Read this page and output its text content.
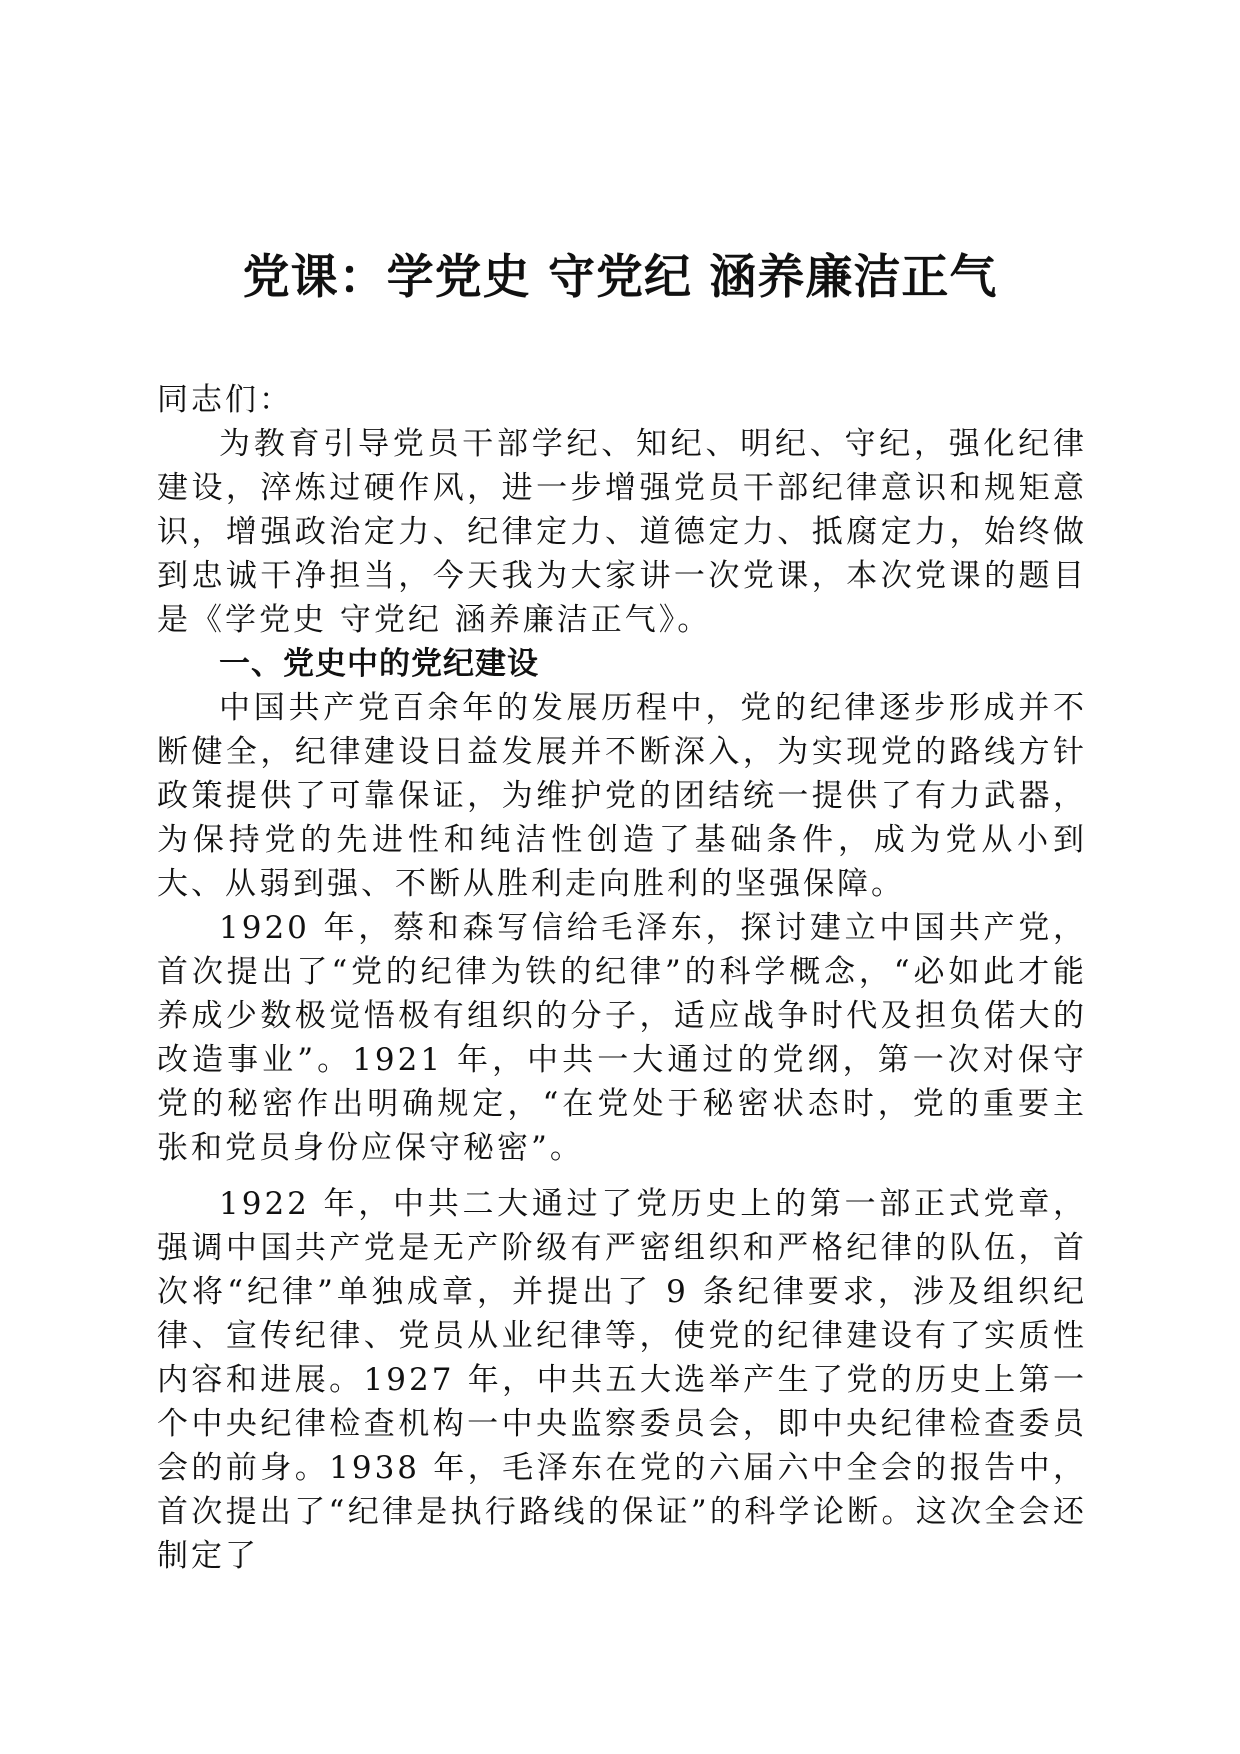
党课：学党史 守党纪 涵养廉洁正气

同志们：

为教育引导党员干部学纪、知纪、明纪、守纪，强化纪律建设，淬炼过硬作风，进一步增强党员干部纪律意识和规矩意识，增强政治定力、纪律定力、道德定力、抵腐定力，始终做到忠诚干净担当，今天我为大家讲一次党课，本次党课的题目是《学党史 守党纪 涵养廉洁正气》。

一、党史中的党纪建设

中国共产党百余年的发展历程中，党的纪律逐步形成并不断健全，纪律建设日益发展并不断深入，为实现党的路线方针政策提供了可靠保证，为维护党的团结统一提供了有力武器，为保持党的先进性和纯洁性创造了基础条件，成为党从小到大、从弱到强、不断从胜利走向胜利的坚强保障。

1920 年，蔡和森写信给毛泽东，探讨建立中国共产党，首次提出了“党的纪律为铁的纪律”的科学概念，“必如此才能养成少数极觉悟极有组织的分子，适应战争时代及担负偌大的改造事业”。1921 年，中共一大通过的党纲，第一次对保守党的秘密作出明确规定，“在党处于秘密状态时，党的重要主张和党员身份应保守秘密”。

1922 年，中共二大通过了党历史上的第一部正式党章，强调中国共产党是无产阶级有严密组织和严格纪律的队伍，首次将“纪律”单独成章，并提出了 9 条纪律要求，涉及组织纪律、宣传纪律、党员从业纪律等，使党的纪律建设有了实质性内容和进展。1927 年，中共五大选举产生了党的历史上第一个中央纪律检查机构一中央监察委员会，即中央纪律检查委员会的前身。1938 年，毛泽东在党的六届六中全会的报告中，首次提出了“纪律是执行路线的保证”的科学论断。这次全会还制定了
